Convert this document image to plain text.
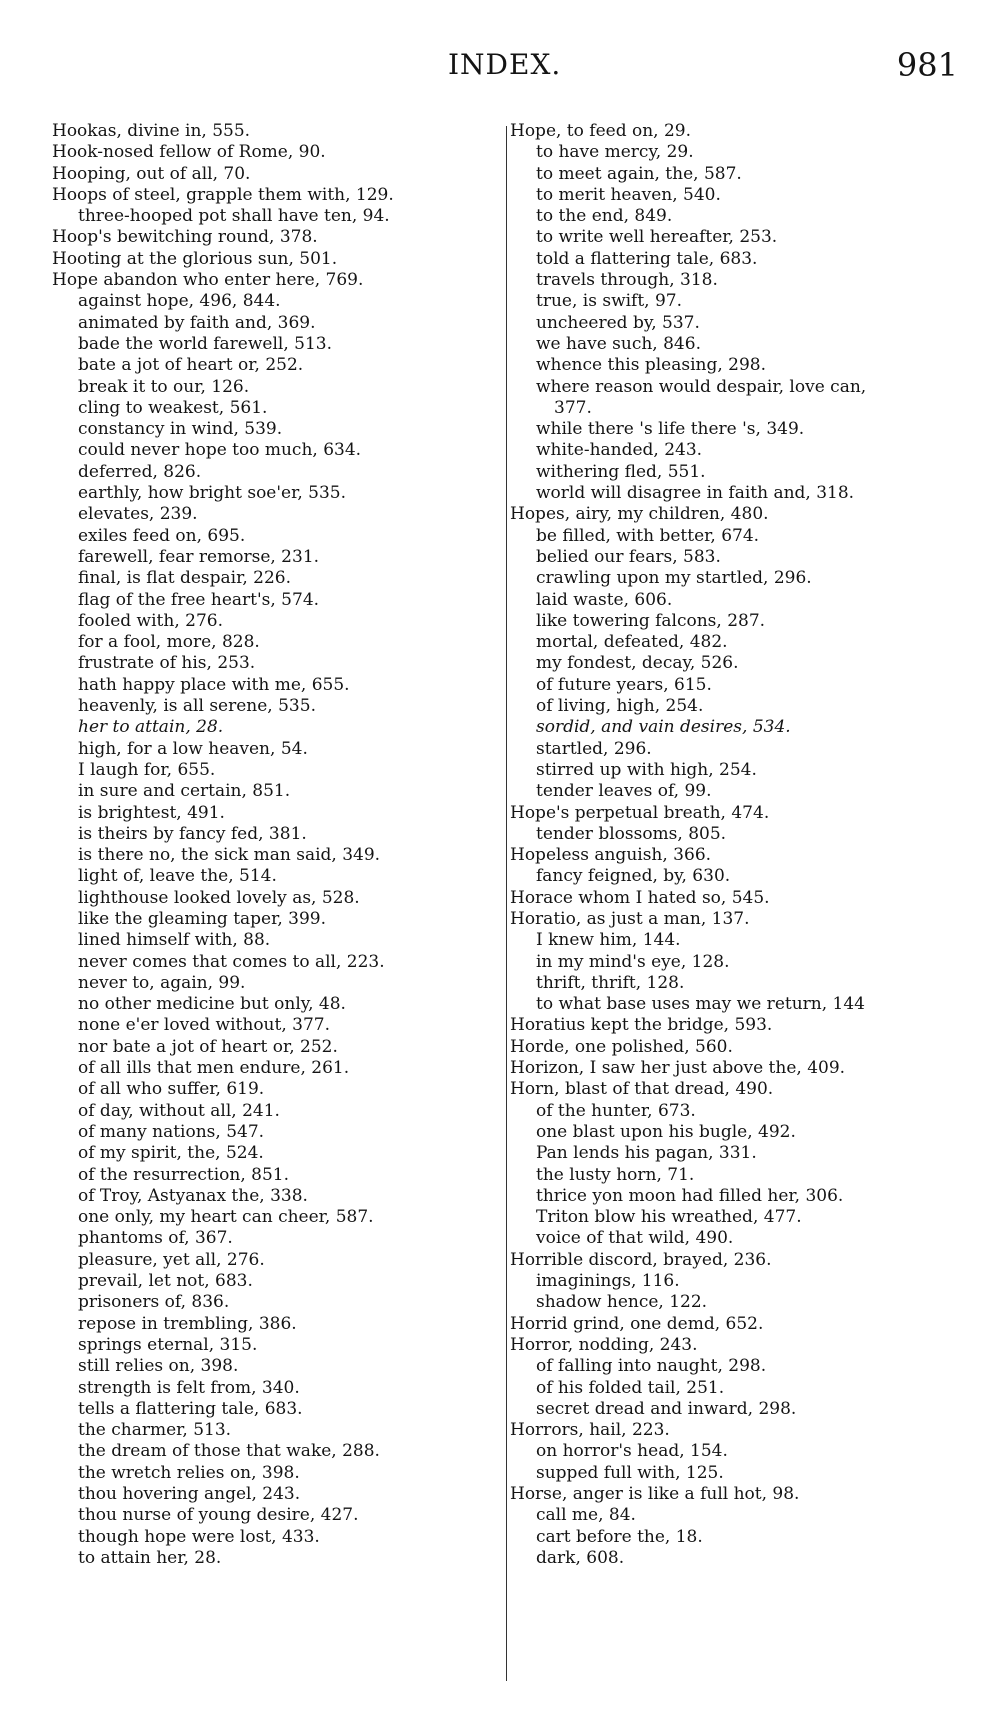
INDEX.	981
Hookas, divine in, 555.
Hook-nosed fellow of Rome, 90.
Hooping, out of all, 70.
Hoops of steel, grapple them with, 129.
three-hooped pot shall have ten, 94.
Hoop's bewitching round, 378.
Hooting at the glorious sun, 501.
Hope abandon who enter here, 769.
against hope, 496, 844.
animated by faith and, 369.
bade the world farewell, 513.
bate a jot of heart or, 252.
break it to our, 126.
cling to weakest, 561.
constancy in wind, 539.
could never hope too much, 634.
deferred, 826.
earthly, how bright soe'er, 535.
elevates, 239.
exiles feed on, 695.
farewell, fear remorse, 231.
final, is flat despair, 226.
flag of the free heart's, 574.
fooled with, 276.
for a fool, more, 828.
frustrate of his, 253.
hath happy place with me, 655.
heavenly, is all serene, 535.
her to attain, 28.
high, for a low heaven, 54.
I laugh for, 655.
in sure and certain, 851.
is brightest, 491.
is theirs by fancy fed, 381.
is there no, the sick man said, 349.
light of, leave the, 514.
lighthouse looked lovely as, 528.
like the gleaming taper, 399.
lined himself with, 88.
never comes that comes to all, 223.
never to, again, 99.
no other medicine but only, 48.
none e'er loved without, 377.
nor bate a jot of heart or, 252.
of all ills that men endure, 261.
of all who suffer, 619.
of day, without all, 241.
of many nations, 547.
of my spirit, the, 524.
of the resurrection, 851.
of Troy, Astyanax the, 338.
one only, my heart can cheer, 587.
phantoms of, 367.
pleasure, yet all, 276.
prevail, let not, 683.
prisoners of, 836.
repose in trembling, 386.
springs eternal, 315.
still relies on, 398.
strength is felt from, 340.
tells a flattering tale, 683.
the charmer, 513.
the dream of those that wake, 288.
the wretch relies on, 398.
thou hovering angel, 243.
thou nurse of young desire, 427.
though hope were lost, 433.
to attain her, 28.
Hope, to feed on, 29.
to have mercy, 29.
to meet again, the, 587.
to merit heaven, 540.
to the end, 849.
to write well hereafter, 253.
told a flattering tale, 683.
travels through, 318.
true, is swift, 97.
uncheered by, 537.
we have such, 846.
whence this pleasing, 298.
where reason would despair, love can,
377.
while there 's life there 's, 349.
white-handed, 243.
withering fled, 551.
world will disagree in faith and, 318.
Hopes, airy, my children, 480.
be filled, with better, 674.
belied our fears, 583.
crawling upon my startled, 296.
laid waste, 606.
like towering falcons, 287.
mortal, defeated, 482.
my fondest, decay, 526.
of future years, 615.
of living, high, 254.
sordid, and vain desires, 534.
startled, 296.
stirred up with high, 254.
tender leaves of, 99.
Hope's perpetual breath, 474.
tender blossoms, 805.
Hopeless anguish, 366.
fancy feigned, by, 630.
Horace whom I hated so, 545.
Horatio, as just a man, 137.
I knew him, 144.
in my mind's eye, 128.
thrift, thrift, 128.
to what base uses may we return, 144
Horatius kept the bridge, 593.
Horde, one polished, 560.
Horizon, I saw her just above the, 409.
Horn, blast of that dread, 490.
of the hunter, 673.
one blast upon his bugle, 492.
Pan lends his pagan, 331.
the lusty horn, 71.
thrice yon moon had filled her, 306.
Triton blow his wreathed, 477.
voice of that wild, 490.
Horrible discord, brayed, 236.
imaginings, 116.
shadow hence, 122.
Horrid grind, one demd, 652.
Horror, nodding, 243.
of falling into naught, 298.
of his folded tail, 251.
secret dread and inward, 298.
Horrors, hail, 223.
on horror's head, 154.
supped full with, 125.
Horse, anger is like a full hot, 98.
call me, 84.
cart before the, 18.
dark, 608.
